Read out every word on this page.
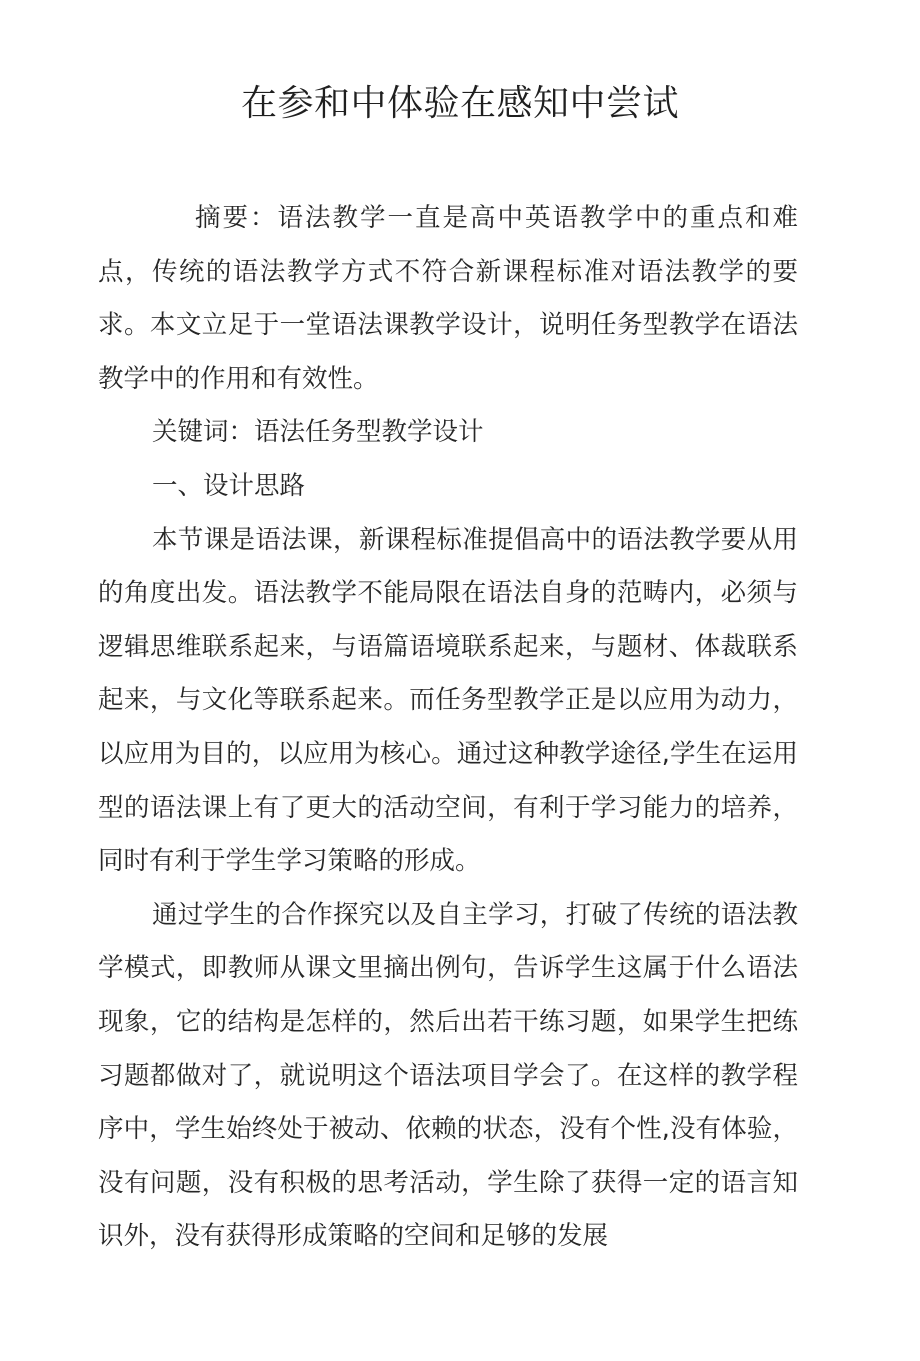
在参和中体验在感知中尝试

摘要：语法教学一直是高中英语教学中的重点和难点，传统的语法教学方式不符合新课程标准对语法教学的要求。本文立足于一堂语法课教学设计，说明任务型教学在语法教学中的作用和有效性。

关键词：语法任务型教学设计

一、设计思路

本节课是语法课，新课程标准提倡高中的语法教学要从用的角度出发。语法教学不能局限在语法自身的范畴内，必须与逻辑思维联系起来，与语篇语境联系起来，与题材、体裁联系起来，与文化等联系起来。而任务型教学正是以应用为动力，以应用为目的，以应用为核心。通过这种教学途径,学生在运用型的语法课上有了更大的活动空间，有利于学习能力的培养，同时有利于学生学习策略的形成。

通过学生的合作探究以及自主学习，打破了传统的语法教学模式，即教师从课文里摘出例句，告诉学生这属于什么语法现象，它的结构是怎样的，然后出若干练习题，如果学生把练习题都做对了，就说明这个语法项目学会了。在这样的教学程序中，学生始终处于被动、依赖的状态，没有个性,没有体验，没有问题，没有积极的思考活动，学生除了获得一定的语言知识外，没有获得形成策略的空间和足够的发展
